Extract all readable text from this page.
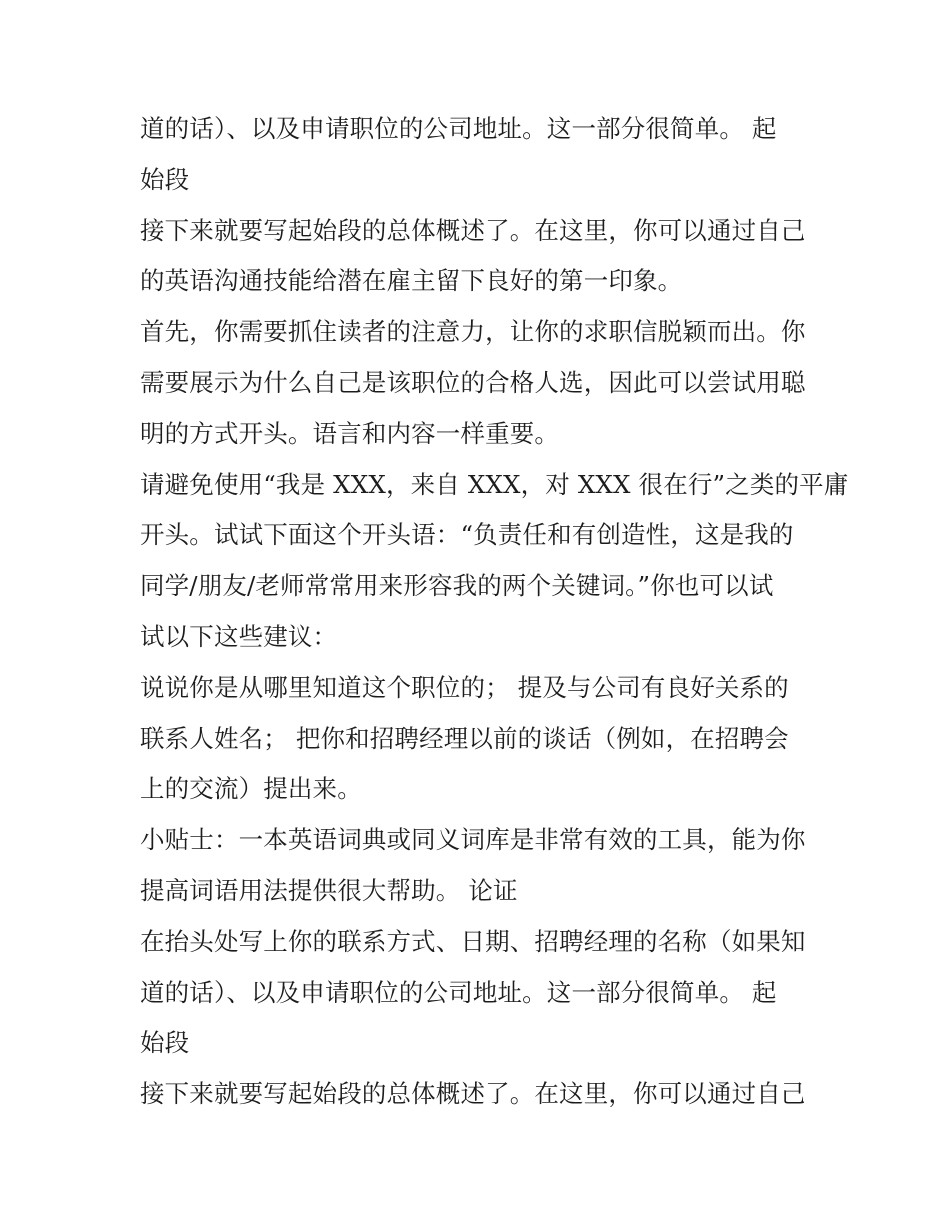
道的话）、以及申请职位的公司地址。这一部分很简单。 起
始段
接下来就要写起始段的总体概述了。在这里，你可以通过自己
的英语沟通技能给潜在雇主留下良好的第一印象。
首先，你需要抓住读者的注意力，让你的求职信脱颖而出。你
需要展示为什么自己是该职位的合格人选，因此可以尝试用聪
明的方式开头。语言和内容一样重要。
请避免使用“我是 XXX，来自 XXX，对 XXX 很在行”之类的平庸
开头。试试下面这个开头语：“负责任和有创造性，这是我的
同学/朋友/老师常常用来形容我的两个关键词。”你也可以试
试以下这些建议：
说说你是从哪里知道这个职位的； 提及与公司有良好关系的
联系人姓名； 把你和招聘经理以前的谈话（例如，在招聘会
上的交流）提出来。
小贴士：一本英语词典或同义词库是非常有效的工具，能为你
提高词语用法提供很大帮助。 论证
在抬头处写上你的联系方式、日期、招聘经理的名称（如果知
道的话）、以及申请职位的公司地址。这一部分很简单。 起
始段
接下来就要写起始段的总体概述了。在这里，你可以通过自己
